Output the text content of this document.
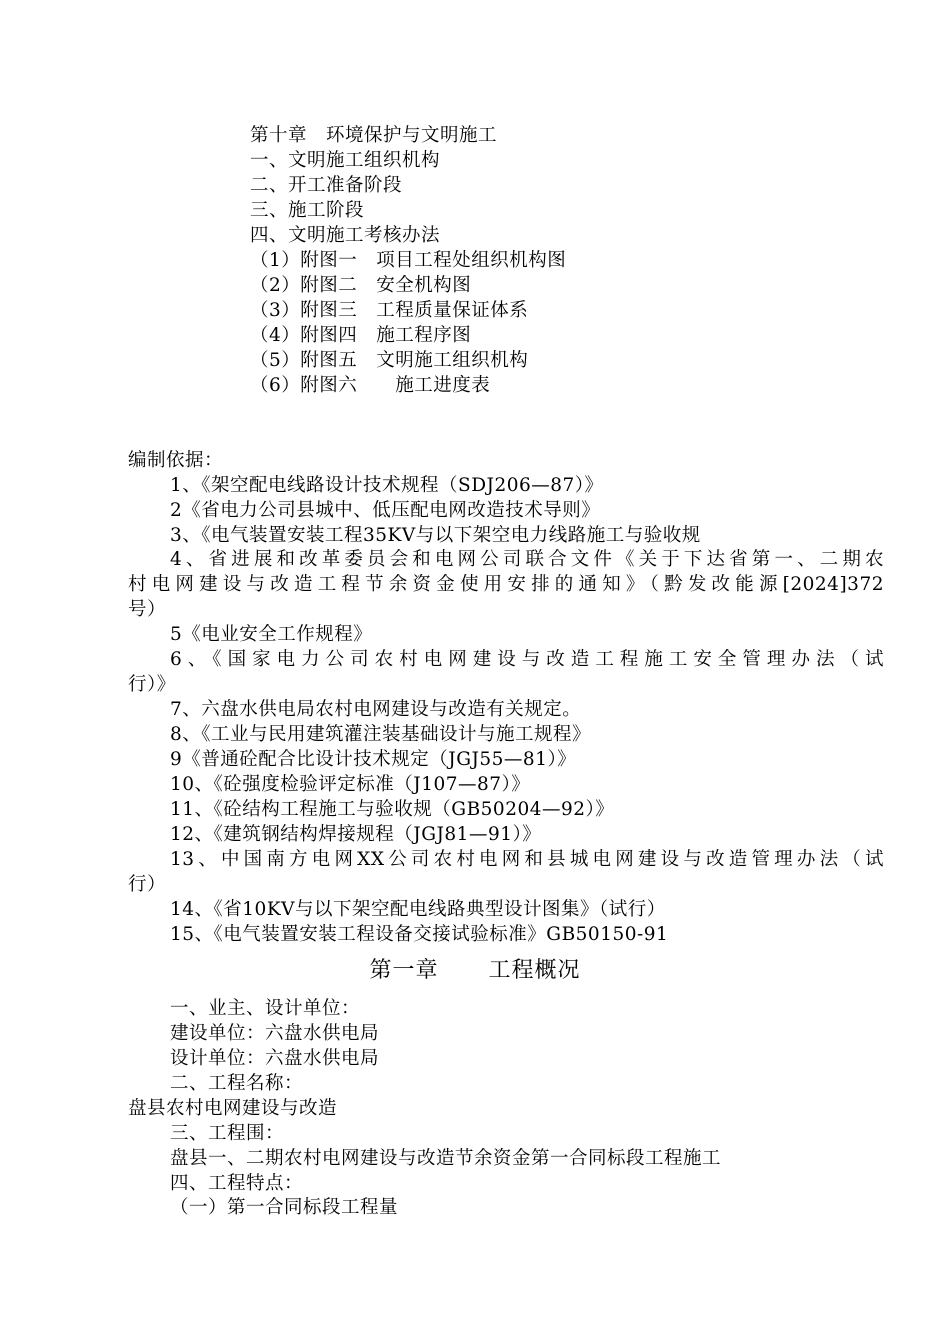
第十章　环境保护与文明施工
一、文明施工组织机构
二、开工准备阶段
三、施工阶段
四、文明施工考核办法
（1）附图一　项目工程处组织机构图
（2）附图二　安全机构图
（3）附图三　工程质量保证体系
（4）附图四　施工程序图
（5）附图五　文明施工组织机构
（6）附图六　　施工进度表
编制依据：
1、《架空配电线路设计技术规程（SDJ206—87）》
2《省电力公司县城中、低压配电网改造技术导则》
3、《电气装置安装工程35KV与以下架空电力线路施工与验收规
4、省进展和改革委员会和电网公司联合文件《关于下达省第一、二期农
村电网建设与改造工程节余资金使用安排的通知》（黔发改能源[2024]372
号）
5《电业安全工作规程》
6、《国家电力公司农村电网建设与改造工程施工安全管理办法（试
行）》
7、六盘水供电局农村电网建设与改造有关规定。
8、《工业与民用建筑灌注装基础设计与施工规程》
9《普通砼配合比设计技术规定（JGJ55—81）》
10、《砼强度检验评定标准（J107—87）》
11、《砼结构工程施工与验收规（GB50204—92）》
12、《建筑钢结构焊接规程（JGJ81—91）》
13、中国南方电网XX公司农村电网和县城电网建设与改造管理办法（试
行）
14、《省10KV与以下架空配电线路典型设计图集》（试行）
15、《电气装置安装工程设备交接试验标准》GB50150-91
第一章 工程概况
一、业主、设计单位：
建设单位：六盘水供电局
设计单位：六盘水供电局
二、工程名称：
盘县农村电网建设与改造
三、工程围：
盘县一、二期农村电网建设与改造节余资金第一合同标段工程施工
四、工程特点：
（一）第一合同标段工程量
